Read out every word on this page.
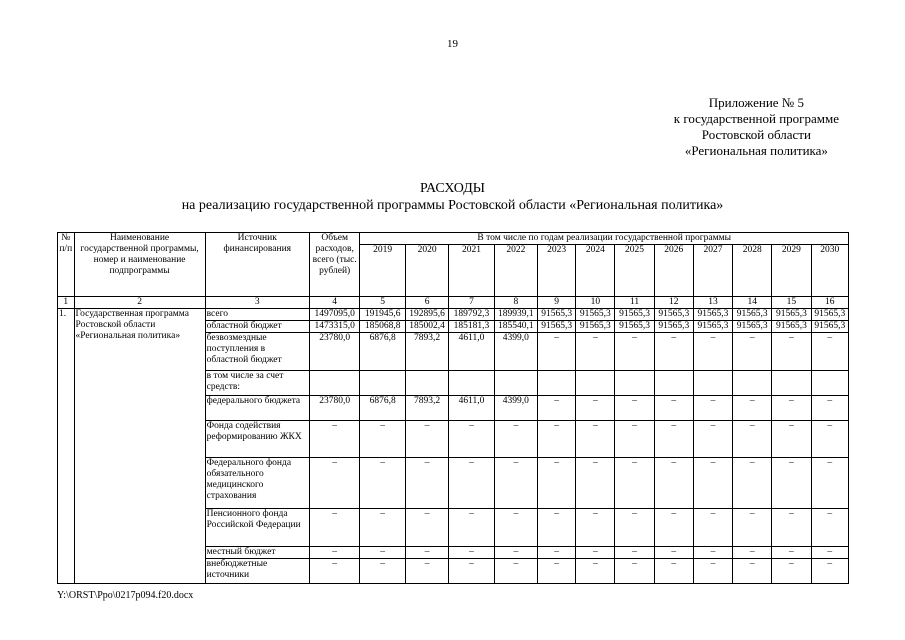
19
Приложение № 5
к государственной программе
Ростовской области
«Региональная политика»
РАСХОДЫ
на реализацию государственной программы Ростовской области «Региональная политика»
№ п/п	Наименование государственной программы, номер и наименование подпрограммы	Источник финансирования	Объем расходов, всего (тыс. рублей)	В том числе по годам реализации государственной программы											
				2019	2020	2021	2022	2023	2024	2025	2026	2027	2028	2029	2030
1	2	3	4	5	6	7	8	9	10	11	12	13	14	15	16
1.	Государственная программа Ростовской области «Региональная политика»	всего	1497095,0	191945,6	192895,6	189792,3	189939,1	91565,3	91565,3	91565,3	91565,3	91565,3	91565,3	91565,3	91565,3
		областной бюджет	1473315,0	185068,8	185002,4	185181,3	185540,1	91565,3	91565,3	91565,3	91565,3	91565,3	91565,3	91565,3	91565,3
		безвозмездные поступления в областной бюджет	23780,0	6876,8	7893,2	4611,0	4399,0	–	–	–	–	–	–	–	–
		в том числе за счет средств:													
		федерального бюджета	23780,0	6876,8	7893,2	4611,0	4399,0	–	–	–	–	–	–	–	–
		Фонда содействия реформированию ЖКХ	–	–	–	–	–	–	–	–	–	–	–	–	–
		Федерального фонда обязательного медицинского страхования	–	–	–	–	–	–	–	–	–	–	–	–	–
		Пенсионного фонда Российской Федерации	–	–	–	–	–	–	–	–	–	–	–	–	–
		местный бюджет	–	–	–	–	–	–	–	–	–	–	–	–	–
		внебюджетные источники	–	–	–	–	–	–	–	–	–	–	–	–	–
Y:\ORST\Ppo\0217p094.f20.docx
